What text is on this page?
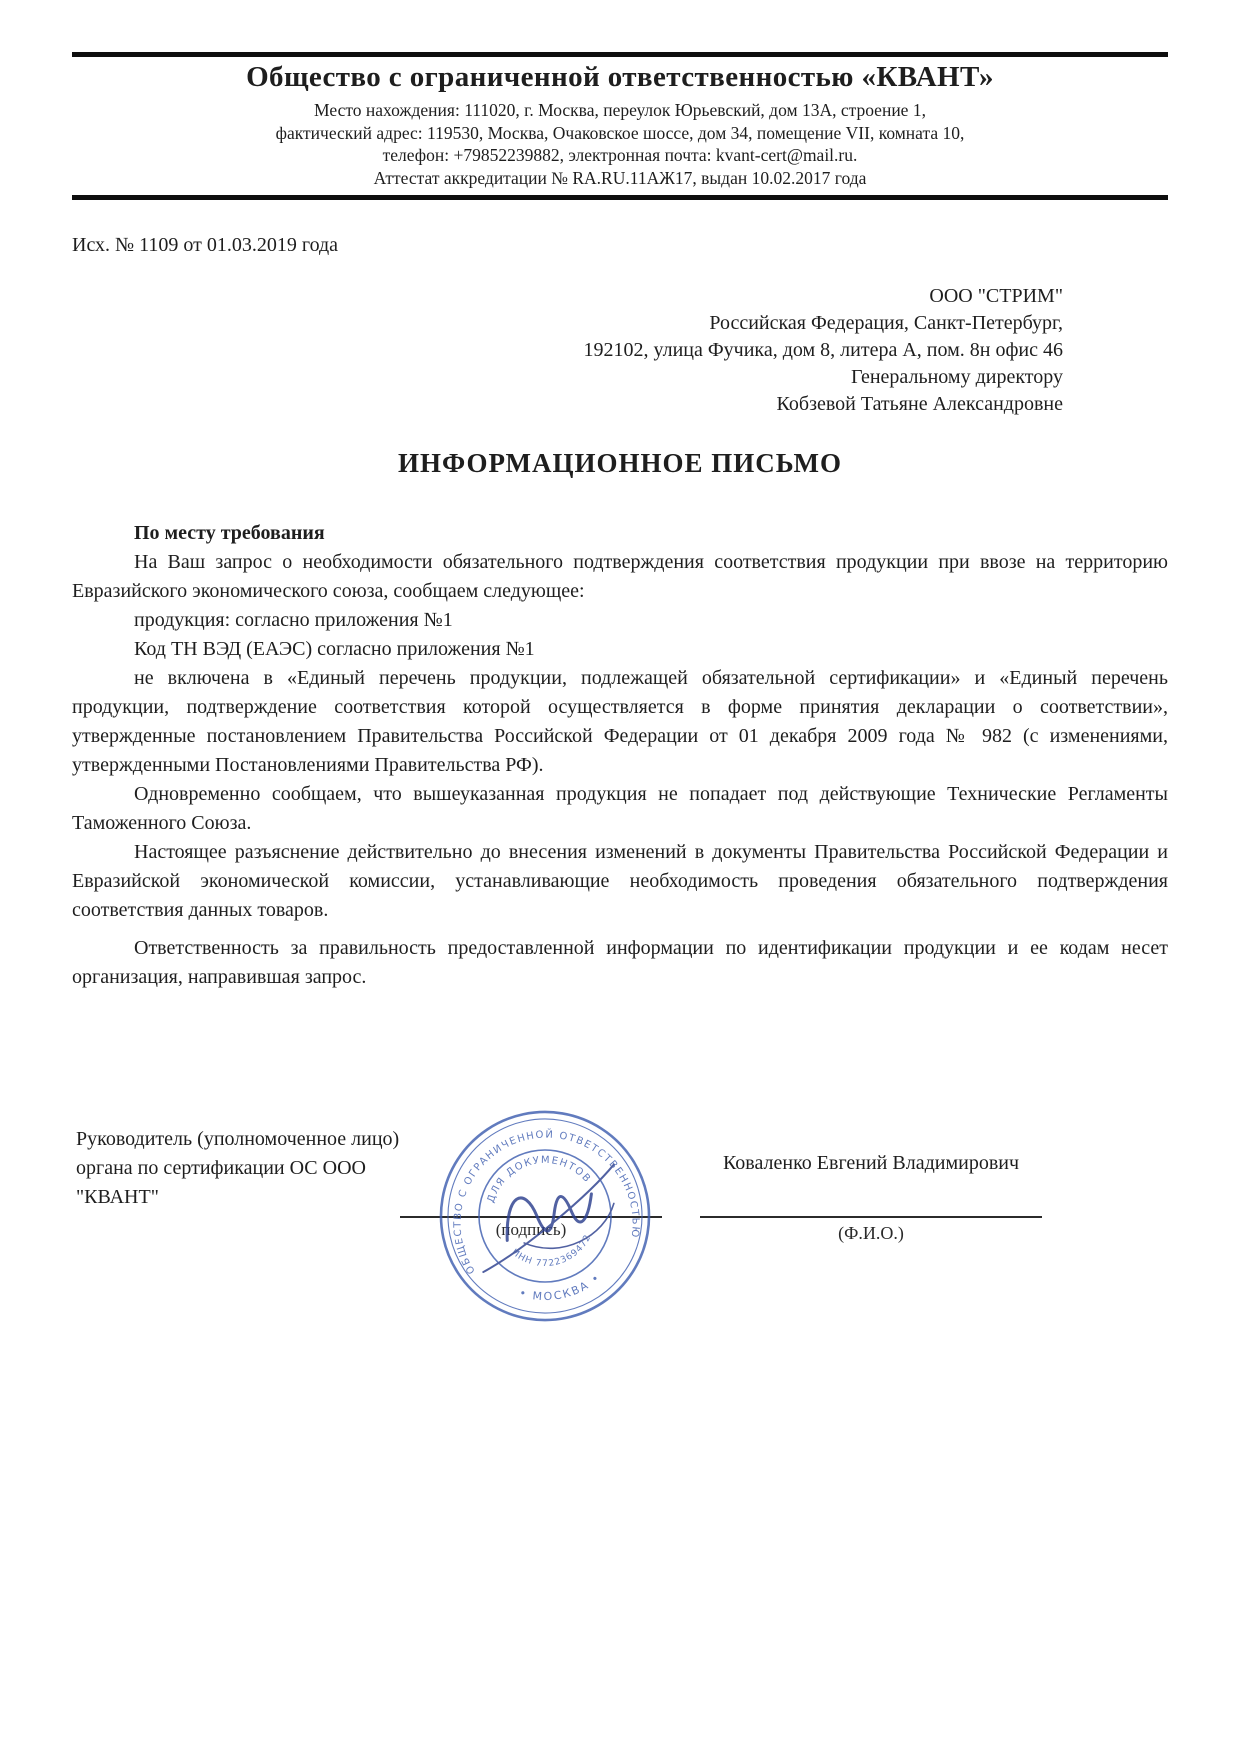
Общество с ограниченной ответственностью «КВАНТ»
Место нахождения: 111020, г. Москва, переулок Юрьевский, дом 13А, строение 1,
фактический адрес: 119530, Москва, Очаковское шоссе, дом 34, помещение VII, комната 10,
телефон: +79852239882, электронная почта: kvant-cert@mail.ru.
Аттестат аккредитации № RA.RU.11АЖ17, выдан 10.02.2017 года
Исх. № 1109 от 01.03.2019 года
ООО "СТРИМ"
Российская Федерация, Санкт-Петербург,
192102, улица Фучика, дом 8, литера А, пом. 8н офис 46
Генеральному директору
Кобзевой Татьяне Александровне
ИНФОРМАЦИОННОЕ ПИСЬМО

По месту требования

На Ваш запрос о необходимости обязательного подтверждения соответствия продукции при ввозе на территорию Евразийского экономического союза, сообщаем следующее:

продукция: согласно приложения №1

Код ТН ВЭД (ЕАЭС) согласно приложения №1

не включена в «Единый перечень продукции, подлежащей обязательной сертификации» и «Единый перечень продукции, подтверждение соответствия которой осуществляется в форме принятия декларации о соответствии», утвержденные постановлением Правительства Российской Федерации от 01 декабря 2009 года № 982 (с изменениями, утвержденными Постановлениями Правительства РФ).

Одновременно сообщаем, что вышеуказанная продукция не попадает под действующие Технические Регламенты Таможенного Союза.

Настоящее разъяснение действительно до внесения изменений в документы Правительства Российской Федерации и Евразийской экономической комиссии, устанавливающие необходимость проведения обязательного подтверждения соответствия данных товаров.

Ответственность за правильность предоставленной информации по идентификации продукции и ее кодам несет организация, направившая запрос.

Руководитель (уполномоченное лицо) органа по сертификации ОС ООО "КВАНТ"
Коваленко Евгений Владимирович
(подпись)	(Ф.И.О.)
ОБЩЕСТВО С ОГРАНИЧЕННОЙ ОТВЕТСТВЕННОСТЬЮ
• МОСКВА •
ДЛЯ ДОКУМЕНТОВ
ИНН 7722369472
